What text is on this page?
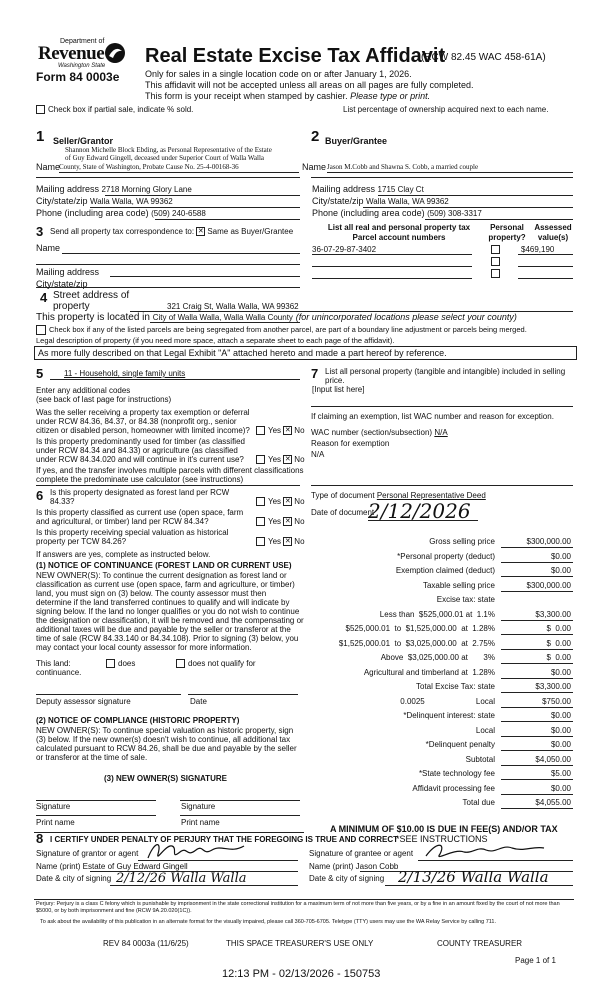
Department of
Revenue
Washington State
Form 84 0003e
Real Estate Excise Tax Affidavit
(RCW 82.45 WAC 458-61A)
Only for sales in a single location code on or after January 1, 2026.
This affidavit will not be accepted unless all areas on all pages are fully completed.
This form is your receipt when stamped by cashier. Please type or print.
Check box if partial sale, indicate % sold.	List percentage of ownership acquired next to each name.
1 Seller/Grantor
Shannon Michelle Block Ebding, as Personal Representative of the Estate
of Guy Edward Gingell, deceased under Superior Court of Walla Walla
Name
County, State of Washington, Probate Cause No. 25-4-00168-36
2 Buyer/Grantee
Name Jason M.Cobb and Shawna S. Cobb, a married couple
Mailing address 2718 Morning Glory Lane
City/state/zip Walla Walla, WA 99362
Phone (including area code) (509) 240-6588
Mailing address 1715 Clay Ct
City/state/zip Walla Walla, WA 99362
Phone (including area code) (509) 308-3317
3 Send all property tax correspondence to: ✕ Same as Buyer/Grantee
Name
Mailing address
City/state/zip
List all real and personal property tax
Parcel account numbers
Personal
property?
Assessed
value(s)
36-07-29-87-3402	$469,190
4 Street address of
property	321 Craig St, Walla Walla, WA 99362
This property is located in City of Walla Walla, Walla Walla County (for unincorporated locations please select your county)
Check box if any of the listed parcels are being segregated from another parcel, are part of a boundary line adjustment or parcels being merged.
Legal description of property (if you need more space, attach a separate sheet to each page of the affidavit).
As more fully described on that Legal Exhibit "A" attached hereto and made a part hereof by reference.
5	11 - Household, single family units
Enter any additional codes
(see back of last page for instructions)
Was the seller receiving a property tax exemption or deferral
under RCW 84.36, 84.37, or 84.38 (nonprofit org., senior
citizen or disabled person, homeowner with limited income)?	Yes ✕ No
Is this property predominantly used for timber (as classified
under RCW 84.34 and 84.33) or agriculture (as classified
under RCW 84.34.020 and will continue in it's current use?	Yes ✕ No
If yes, and the transfer involves multiple parcels with different classifications
complete the predominate use calculator (see instructions)
6 Is this property designated as forest land per RCW
84.33?	Yes ✕ No
Is this property classified as current use (open space, farm
and agricultural, or timber) land per RCW 84.34?	Yes ✕ No
Is this property receiving special valuation as historical
property per TCW 84.26?	Yes ✕ No
If answers are yes, complete as instructed below.
(1) NOTICE OF CONTINUANCE (FOREST LAND OR CURRENT USE)
NEW OWNER(S): To continue the current designation as forest land or
classification as current use (open space, farm and agriculture, or timber)
land, you must sign on (3) below. The county assessor must then
determine if the land transferred continues to qualify and will indicate by
signing below. If the land no longer qualifies or you do not wish to continue
the designation or classification, it will be removed and the compensating or
additional taxes will be due and payable by the seller or transferor at the
time of sale (RCW 84.33.140 or 84.34.108). Prior to signing (3) below, you
may contact your local county assessor for more information.
This land:
continuance.
does	does not qualify for
Deputy assessor signature	Date
(2) NOTICE OF COMPLIANCE (HISTORIC PROPERTY)
NEW OWNER(S): To continue special valuation as historic property, sign
(3) below. If the new owner(s) doesn't wish to continue, all additional tax
calculated pursuant to RCW 84.26, shall be due and payable by the seller
or transferor at the time of sale.
(3) NEW OWNER(S) SIGNATURE
Signature	Signature
Print name	Print name
7 List all personal property (tangible and intangible) included in selling
price.
[Input list here]
If claiming an exemption, list WAC number and reason for exception.
WAC number (section/subsection) N/A
Reason for exemption
N/A
Type of document Personal Representative Deed
Date of document
2/12/2026
Gross selling price	$300,000.00
*Personal property (deduct)	$0.00
Exemption claimed (deduct)	$0.00
Taxable selling price	$300,000.00
Excise tax: state
Less than  $525,000.01 at  1.1%	$3,300.00
$525,000.01  to  $1,525,000.00  at  1.28%	$  0.00
$1,525,000.01  to  $3,025,000.00  at  2.75%	$  0.00
Above  $3,025,000.00 at       3%	$  0.00
Agricultural and timberland at  1.28%	$0.00
Total Excise Tax: state	$3,300.00
0.0025                       Local	$750.00
*Delinquent interest: state	$0.00
Local	$0.00
*Delinquent penalty	$0.00
Subtotal	$4,050.00
*State technology fee	$5.00
Affidavit processing fee	$0.00
Total due	$4,055.00
A MINIMUM OF $10.00 IS DUE IN FEE(S) AND/OR TAX
*SEE INSTRUCTIONS
8 I CERTIFY UNDER PENALTY OF PERJURY THAT THE FOREGOING IS TRUE AND CORRECT
Signature of grantor or agent
Name (print) Estate of Guy Edward Gingell
Date & city of signing 2/12/26 Walla Walla
Signature of grantee or agent
Name (print) Jason Cobb
Date & city of signing 2/13/26 Walla Walla
Perjury: Perjury is a class C felony which is punishable by imprisonment in the state correctional institution for a maximum term of not more than five years, or by a fine in an amount fixed by the court of not more than $5000, or by both imprisonment and fine (RCW 9A.20.020(1C)).
To ask about the availability of this publication in an alternate format for the visually impaired, please call 360-705-6705. Teletype (TTY) users may use the WA Relay Service by calling 711.
REV 84 0003a (11/6/25)	THIS SPACE TREASURER'S USE ONLY	COUNTY TREASURER
Page 1 of 1
12:13 PM - 02/13/2026 - 150753
